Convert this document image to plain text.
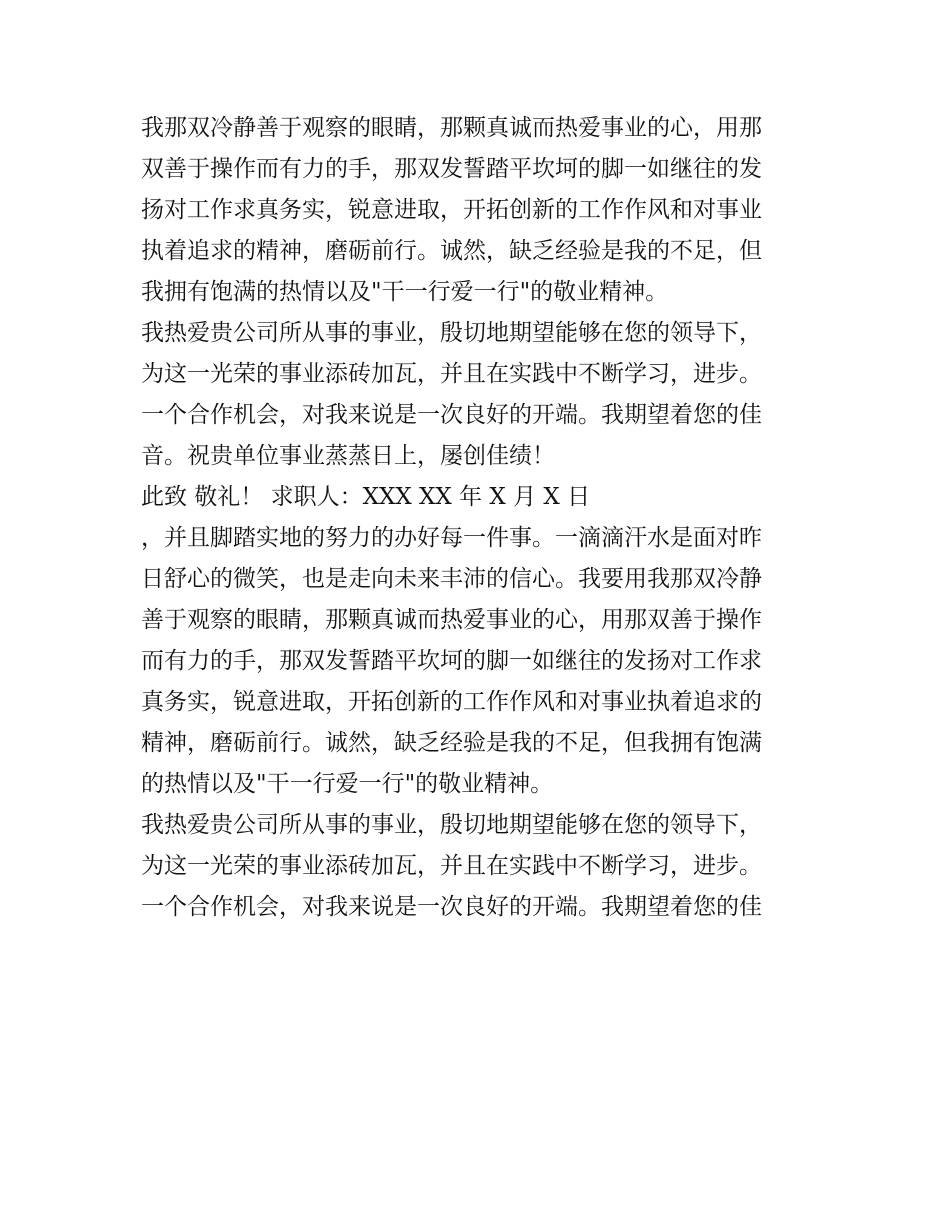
我那双冷静善于观察的眼睛，那颗真诚而热爱事业的心，用那
双善于操作而有力的手，那双发誓踏平坎坷的脚一如继往的发
扬对工作求真务实，锐意进取，开拓创新的工作作风和对事业
执着追求的精神，磨砺前行。诚然，缺乏经验是我的不足，但
我拥有饱满的热情以及"干一行爱一行"的敬业精神。
我热爱贵公司所从事的事业，殷切地期望能够在您的领导下，
为这一光荣的事业添砖加瓦，并且在实践中不断学习，进步。
一个合作机会，对我来说是一次良好的开端。我期望着您的佳
音。祝贵单位事业蒸蒸日上，屡创佳绩！
此致 敬礼！ 求职人：XXX XX 年 X 月 X 日
，并且脚踏实地的努力的办好每一件事。一滴滴汗水是面对昨
日舒心的微笑，也是走向未来丰沛的信心。我要用我那双冷静
善于观察的眼睛，那颗真诚而热爱事业的心，用那双善于操作
而有力的手，那双发誓踏平坎坷的脚一如继往的发扬对工作求
真务实，锐意进取，开拓创新的工作作风和对事业执着追求的
精神，磨砺前行。诚然，缺乏经验是我的不足，但我拥有饱满
的热情以及"干一行爱一行"的敬业精神。
我热爱贵公司所从事的事业，殷切地期望能够在您的领导下，
为这一光荣的事业添砖加瓦，并且在实践中不断学习，进步。
一个合作机会，对我来说是一次良好的开端。我期望着您的佳
